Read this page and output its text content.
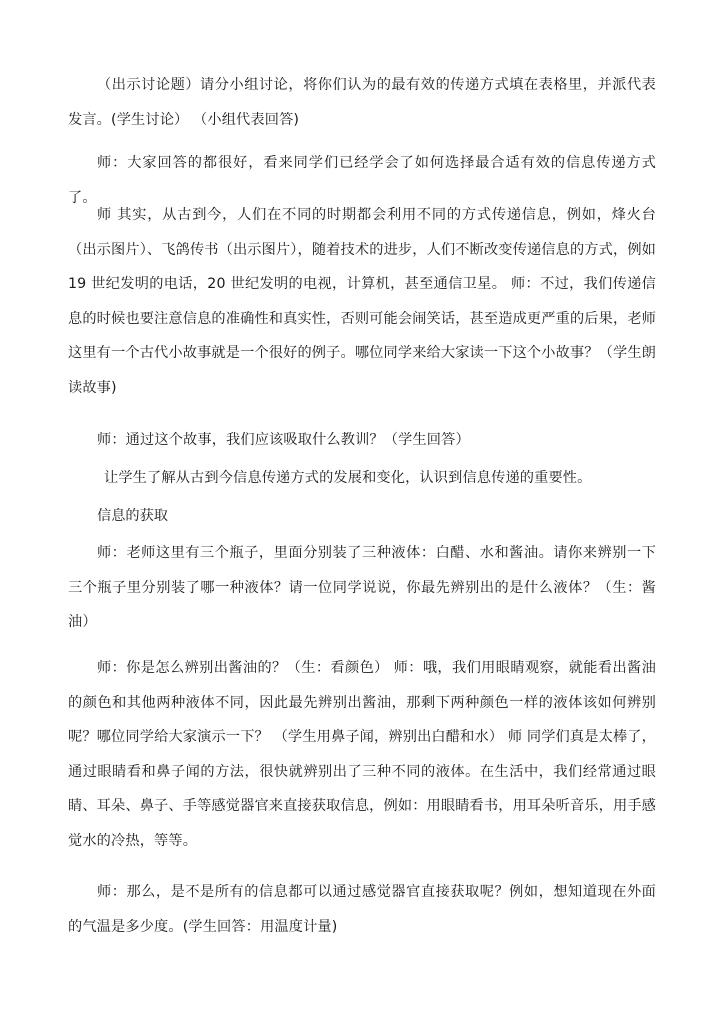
（出示讨论题）请分小组讨论，将你们认为的最有效的传递方式填在表格里，并派代表发言。(学生讨论） （小组代表回答)

师：大家回答的都很好，看来同学们已经学会了如何选择最合适有效的信息传递方式了。

师 其实，从古到今，人们在不同的时期都会利用不同的方式传递信息，例如，烽火台（出示图片）、飞鸽传书（出示图片），随着技术的进步，人们不断改变传递信息的方式，例如 19 世纪发明的电话，20 世纪发明的电视，计算机，甚至通信卫星。 师：不过，我们传递信息的时候也要注意信息的准确性和真实性，否则可能会闹笑话，甚至造成更严重的后果，老师这里有一个古代小故事就是一个很好的例子。哪位同学来给大家读一下这个小故事？（学生朗读故事)

师：通过这个故事，我们应该吸取什么教训？（学生回答）

让学生了解从古到今信息传递方式的发展和变化，认识到信息传递的重要性。

信息的获取

师：老师这里有三个瓶子，里面分别装了三种液体：白醋、水和酱油。请你来辨别一下三个瓶子里分别装了哪一种液体？请一位同学说说，你最先辨别出的是什么液体？（生：酱油）

师：你是怎么辨别出酱油的？（生：看颜色） 师：哦，我们用眼睛观察，就能看出酱油的颜色和其他两种液体不同，因此最先辨别出酱油，那剩下两种颜色一样的液体该如何辨别呢？哪位同学给大家演示一下？ （学生用鼻子闻，辨别出白醋和水） 师 同学们真是太棒了，通过眼睛看和鼻子闻的方法，很快就辨别出了三种不同的液体。在生活中，我们经常通过眼睛、耳朵、鼻子、手等感觉器官来直接获取信息，例如：用眼睛看书，用耳朵听音乐，用手感觉水的冷热，等等。

师：那么，是不是所有的信息都可以通过感觉器官直接获取呢？例如，想知道现在外面的气温是多少度。(学生回答：用温度计量)
